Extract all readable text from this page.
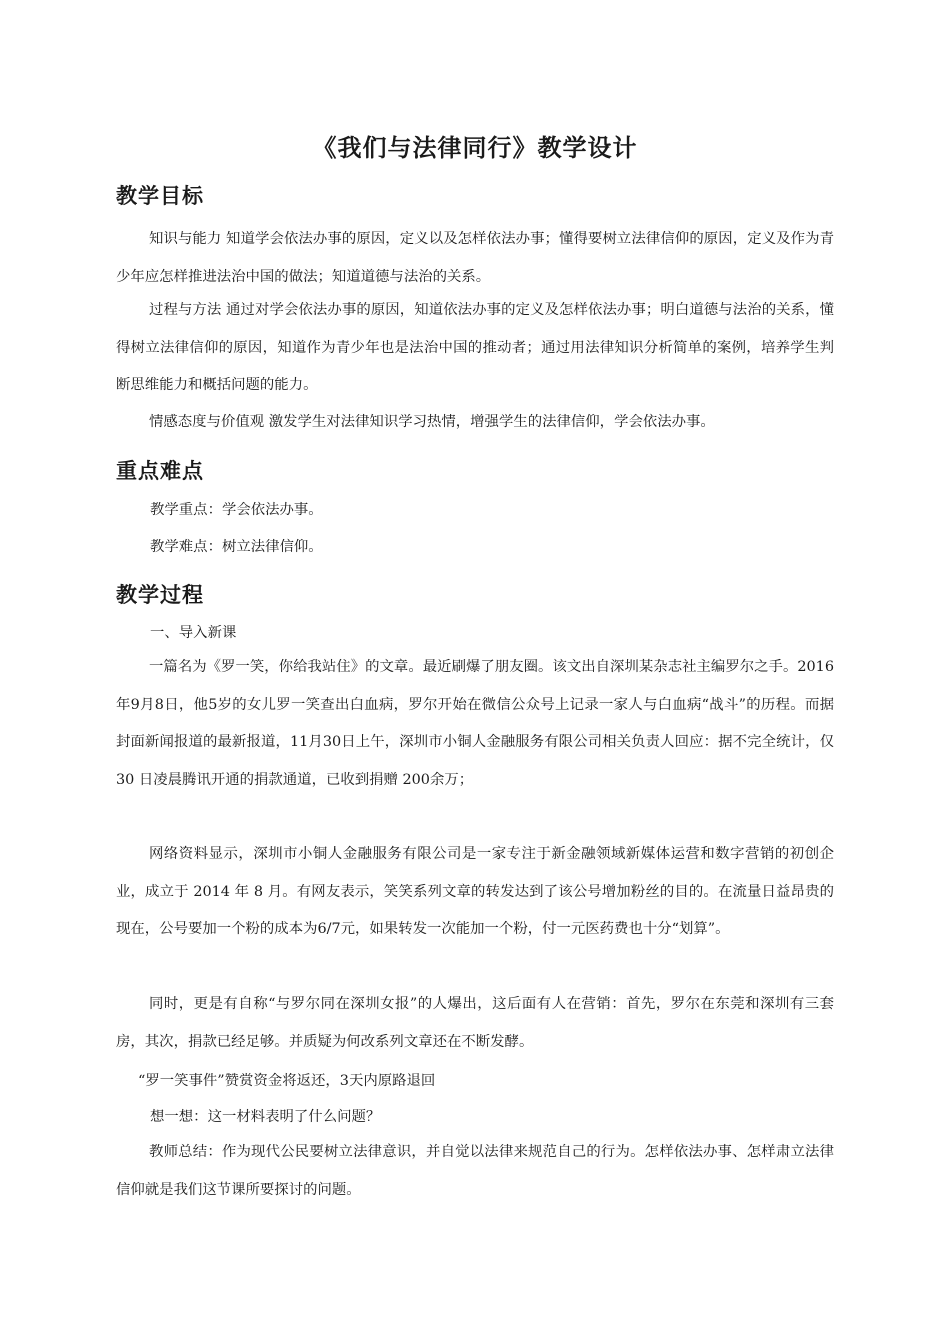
《我们与法律同行》教学设计
教学目标

知识与能力 知道学会依法办事的原因，定义以及怎样依法办事；懂得要树立法律信仰的原因，定义及作为青少年应怎样推进法治中国的做法；知道道德与法治的关系。

过程与方法 通过对学会依法办事的原因，知道依法办事的定义及怎样依法办事；明白道德与法治的关系，懂得树立法律信仰的原因，知道作为青少年也是法治中国的推动者；通过用法律知识分析简单的案例，培养学生判断思维能力和概括问题的能力。

情感态度与价值观 激发学生对法律知识学习热情，增强学生的法律信仰，学会依法办事。

重点难点

教学重点：学会依法办事。

教学难点：树立法律信仰。

教学过程

一、导入新课

一篇名为《罗一笑，你给我站住》的文章。最近刷爆了朋友圈。该文出自深圳某杂志社主编罗尔之手。2016年9月8日，他5岁的女儿罗一笑查出白血病，罗尔开始在微信公众号上记录一家人与白血病“战斗”的历程。而据封面新闻报道的最新报道，11月30日上午，深圳市小铜人金融服务有限公司相关负责人回应：据不完全统计，仅 30 日凌晨腾讯开通的捐款通道，已收到捐赠 200余万；

网络资料显示，深圳市小铜人金融服务有限公司是一家专注于新金融领域新媒体运营和数字营销的初创企业，成立于 2014 年 8 月。有网友表示，笑笑系列文章的转发达到了该公号增加粉丝的目的。在流量日益昂贵的现在，公号要加一个粉的成本为6/7元，如果转发一次能加一个粉，付一元医药费也十分“划算”。

同时，更是有自称“与罗尔同在深圳女报”的人爆出，这后面有人在营销：首先，罗尔在东莞和深圳有三套房，其次，捐款已经足够。并质疑为何改系列文章还在不断发酵。

“罗一笑事件”赞赏资金将返还，3天内原路退回

想一想：这一材料表明了什么问题？

教师总结：作为现代公民要树立法律意识，并自觉以法律来规范自己的行为。怎样依法办事、怎样肃立法律信仰就是我们这节课所要探讨的问题。
